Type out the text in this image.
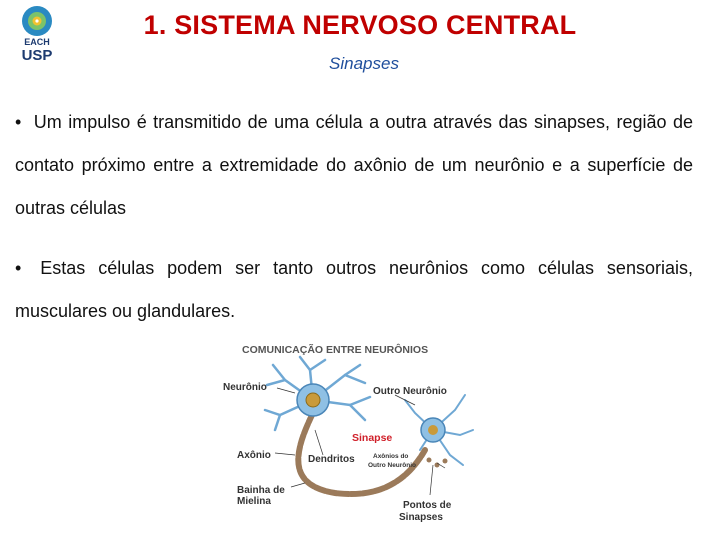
EACH
USP
1. SISTEMA NERVOSO CENTRAL
Sinapses
• Um impulso é transmitido de uma célula a outra através das sinapses, região de contato próximo entre a extremidade do axônio de um neurônio e a superfície de outras células
• Estas células podem ser tanto outros neurônios como células sensoriais, musculares ou glandulares.
COMUNICAÇÃO ENTRE NEURÔNIOS
Neurônio	Outro Neurônio
Sinapse
Axônio	Dendritos	Axônios do
Outro Neurônio
Bainha de
Mielina	Pontos de
Sinapses
